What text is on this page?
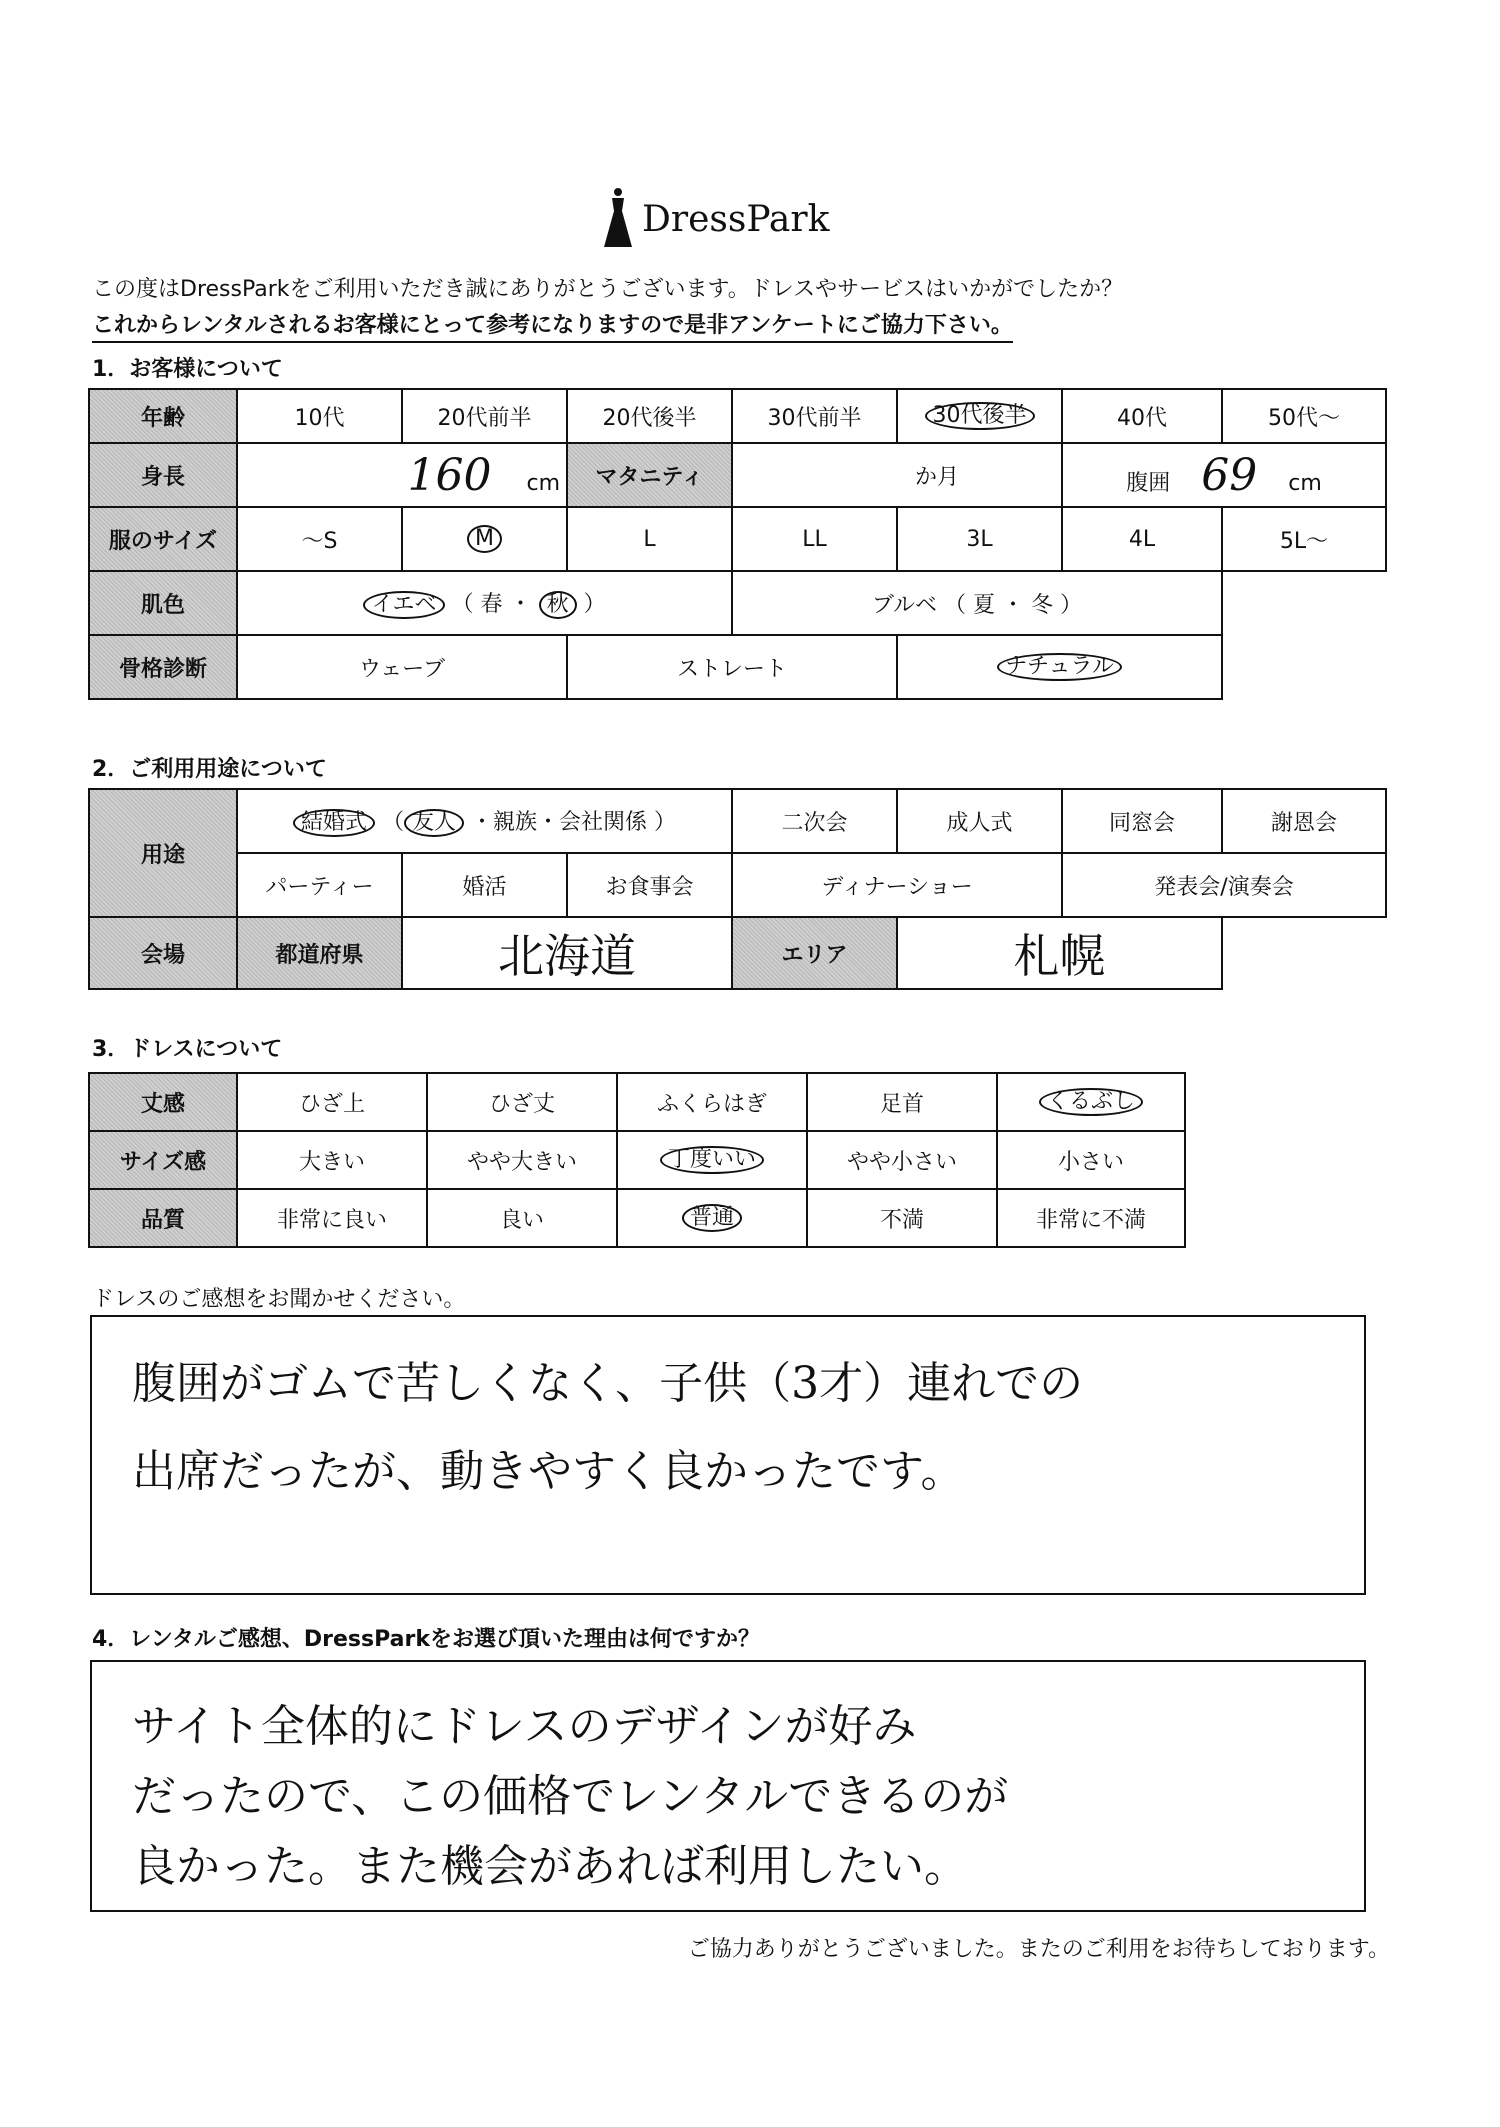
DressPark
この度はDressParkをご利用いただき誠にありがとうございます。ドレスやサービスはいかがでしたか？
これからレンタルされるお客様にとって参考になりますので是非アンケートにご協力下さい。
1．お客様について
年齢	10代	20代前半	20代後半	30代前半	30代後半	40代	50代〜
身長	160 cm		マタニティ	か月		腹囲 69 cm	
服のサイズ	〜S	M	L	LL	3L	4L	5L〜
肌色	イエベ （ 春 ・ 秋 ）			ブルベ （ 夏 ・ 冬 ）			
骨格診断	ウェーブ		ストレート		ナチュラル		
2．ご利用用途について
用途	結婚式 （ 友人 ・親族・会社関係 ）			二次会	成人式	同窓会	謝恩会
	パーティー	婚活	お食事会	ディナーショー		発表会/演奏会	
会場	都道府県	北海道		エリア	札幌		
3．ドレスについて
丈感	ひざ上	ひざ丈	ふくらはぎ	足首	くるぶし
サイズ感	大きい	やや大きい	丁度いい	やや小さい	小さい
品質	非常に良い	良い	普通	不満	非常に不満
ドレスのご感想をお聞かせください。
腹囲がゴムで苦しくなく、子供（3才）連れでの
出席だったが、動きやすく良かったです。
4．レンタルご感想、DressParkをお選び頂いた理由は何ですか？
サイト全体的にドレスのデザインが好み
だったので、この価格でレンタルできるのが
良かった。また機会があれば利用したい。
ご協力ありがとうございました。またのご利用をお待ちしております。
